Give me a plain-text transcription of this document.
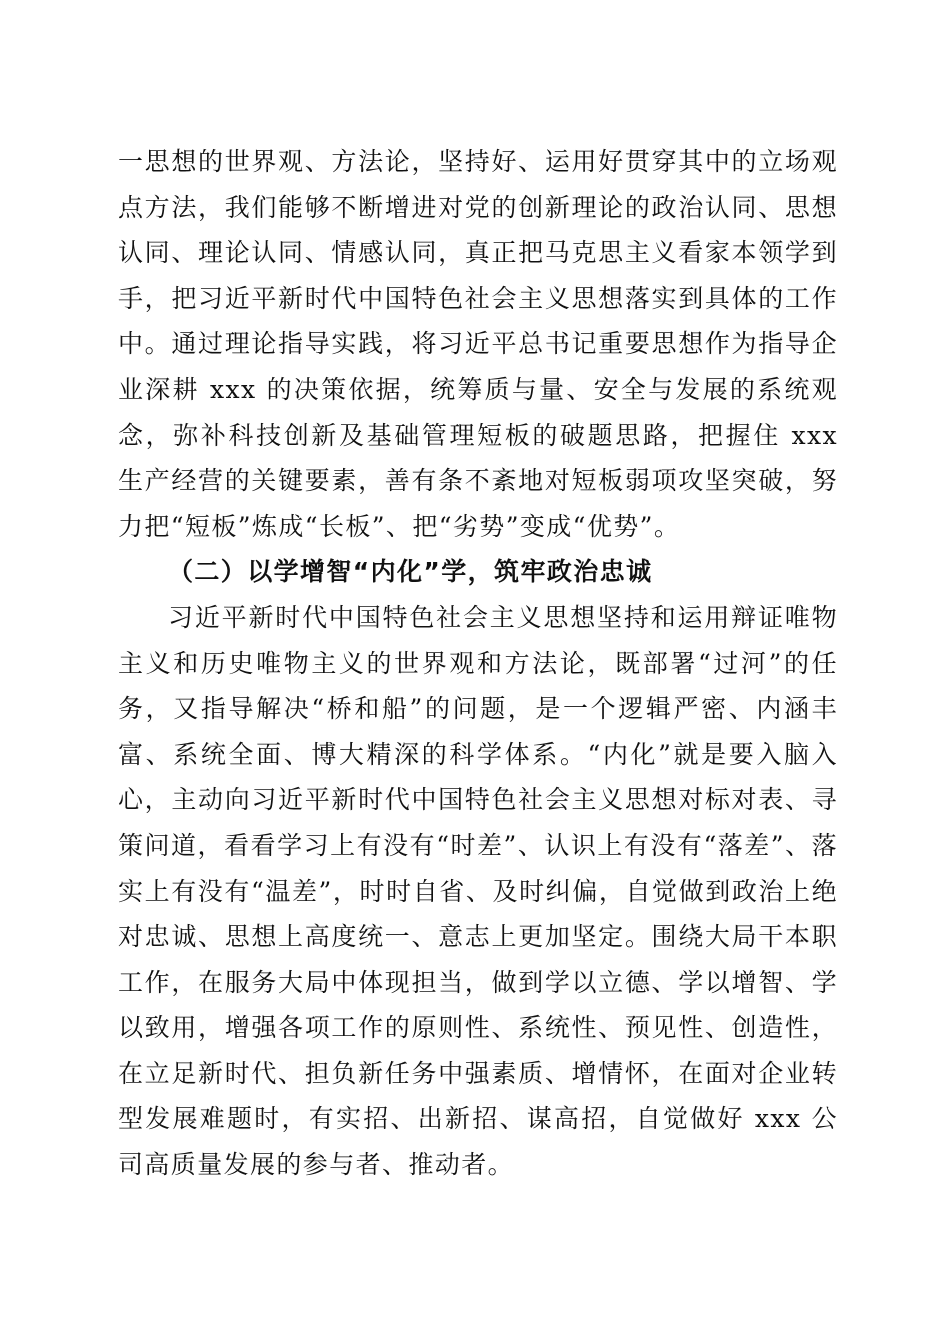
一思想的世界观、方法论，坚持好、运用好贯穿其中的立场观点方法，我们能够不断增进对党的创新理论的政治认同、思想认同、理论认同、情感认同，真正把马克思主义看家本领学到手，把习近平新时代中国特色社会主义思想落实到具体的工作中。通过理论指导实践，将习近平总书记重要思想作为指导企业深耕 xxx 的决策依据，统筹质与量、安全与发展的系统观念，弥补科技创新及基础管理短板的破题思路，把握住 xxx 生产经营的关键要素，善有条不紊地对短板弱项攻坚突破，努力把“短板”炼成“长板”、把“劣势”变成“优势”。

（二）以学增智“内化”学，筑牢政治忠诚

习近平新时代中国特色社会主义思想坚持和运用辩证唯物主义和历史唯物主义的世界观和方法论，既部署“过河”的任务，又指导解决“桥和船”的问题，是一个逻辑严密、内涵丰富、系统全面、博大精深的科学体系。“内化”就是要入脑入心，主动向习近平新时代中国特色社会主义思想对标对表、寻策问道，看看学习上有没有“时差”、认识上有没有“落差”、落实上有没有“温差”，时时自省、及时纠偏，自觉做到政治上绝对忠诚、思想上高度统一、意志上更加坚定。围绕大局干本职工作，在服务大局中体现担当，做到学以立德、学以增智、学以致用，增强各项工作的原则性、系统性、预见性、创造性，在立足新时代、担负新任务中强素质、增情怀，在面对企业转型发展难题时，有实招、出新招、谋高招，自觉做好 xxx 公司高质量发展的参与者、推动者。
